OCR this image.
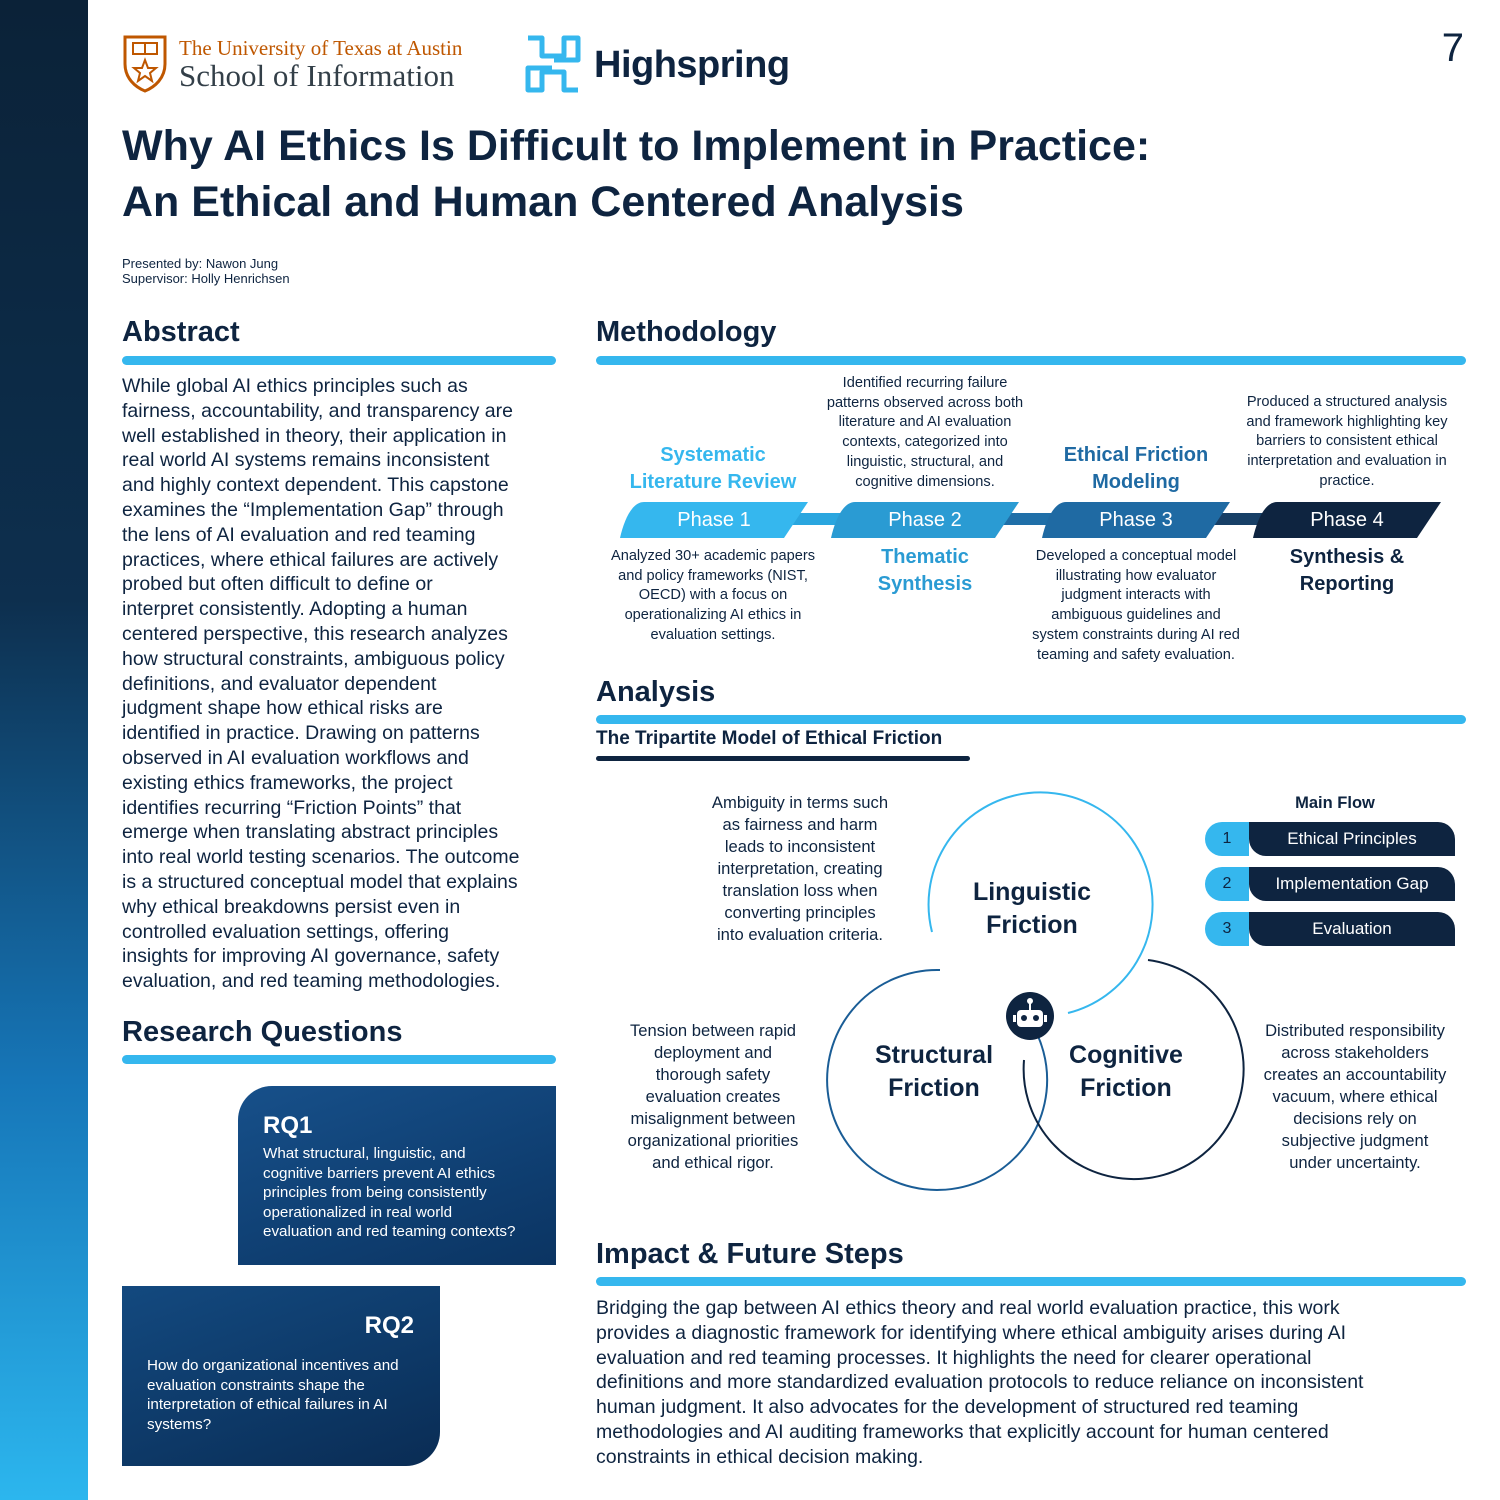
The University of Texas at Austin
School of Information	Highspring	7
Why AI Ethics Is Difficult to Implement in Practice:
An Ethical and Human Centered Analysis
Presented by: Nawon Jung
Supervisor: Holly Henrichsen
Abstract
While global AI ethics principles such as
fairness, accountability, and transparency are
well established in theory, their application in
real world AI systems remains inconsistent
and highly context dependent. This capstone
examines the “Implementation Gap” through
the lens of AI evaluation and red teaming
practices, where ethical failures are actively
probed but often difficult to define or
interpret consistently. Adopting a human
centered perspective, this research analyzes
how structural constraints, ambiguous policy
definitions, and evaluator dependent
judgment shape how ethical risks are
identified in practice. Drawing on patterns
observed in AI evaluation workflows and
existing ethics frameworks, the project
identifies recurring “Friction Points” that
emerge when translating abstract principles
into real world testing scenarios. The outcome
is a structured conceptual model that explains
why ethical breakdowns persist even in
controlled evaluation settings, offering
insights for improving AI governance, safety
evaluation, and red teaming methodologies.
Research Questions
RQ1
What structural, linguistic, and
cognitive barriers prevent AI ethics
principles from being consistently
operationalized in real world
evaluation and red teaming contexts?
RQ2
How do organizational incentives and
evaluation constraints shape the
interpretation of ethical failures in AI
systems?
Methodology
Phase 1	Phase 2	Phase 3	Phase 4
Systematic
Literature Review
Analyzed 30+ academic papers
and policy frameworks (NIST,
OECD) with a focus on
operationalizing AI ethics in
evaluation settings.
Identified recurring failure
patterns observed across both
literature and AI evaluation
contexts, categorized into
linguistic, structural, and
cognitive dimensions.
Thematic
Synthesis
Ethical Friction
Modeling
Developed a conceptual model
illustrating how evaluator
judgment interacts with
ambiguous guidelines and
system constraints during AI red
teaming and safety evaluation.
Produced a structured analysis
and framework highlighting key
barriers to consistent ethical
interpretation and evaluation in
practice.
Synthesis &
Reporting
Analysis
The Tripartite Model of Ethical Friction
Linguistic
Friction
Structural
Friction
Cognitive
Friction
Ambiguity in terms such
as fairness and harm
leads to inconsistent
interpretation, creating
translation loss when
converting principles
into evaluation criteria.
Tension between rapid
deployment and
thorough safety
evaluation creates
misalignment between
organizational priorities
and ethical rigor.
Distributed responsibility
across stakeholders
creates an accountability
vacuum, where ethical
decisions rely on
subjective judgment
under uncertainty.
Main Flow
1	Ethical Principles
2	Implementation Gap
3	Evaluation
Impact & Future Steps
Bridging the gap between AI ethics theory and real world evaluation practice, this work
provides a diagnostic framework for identifying where ethical ambiguity arises during AI
evaluation and red teaming processes. It highlights the need for clearer operational
definitions and more standardized evaluation protocols to reduce reliance on inconsistent
human judgment. It also advocates for the development of structured red teaming
methodologies and AI auditing frameworks that explicitly account for human centered
constraints in ethical decision making.
